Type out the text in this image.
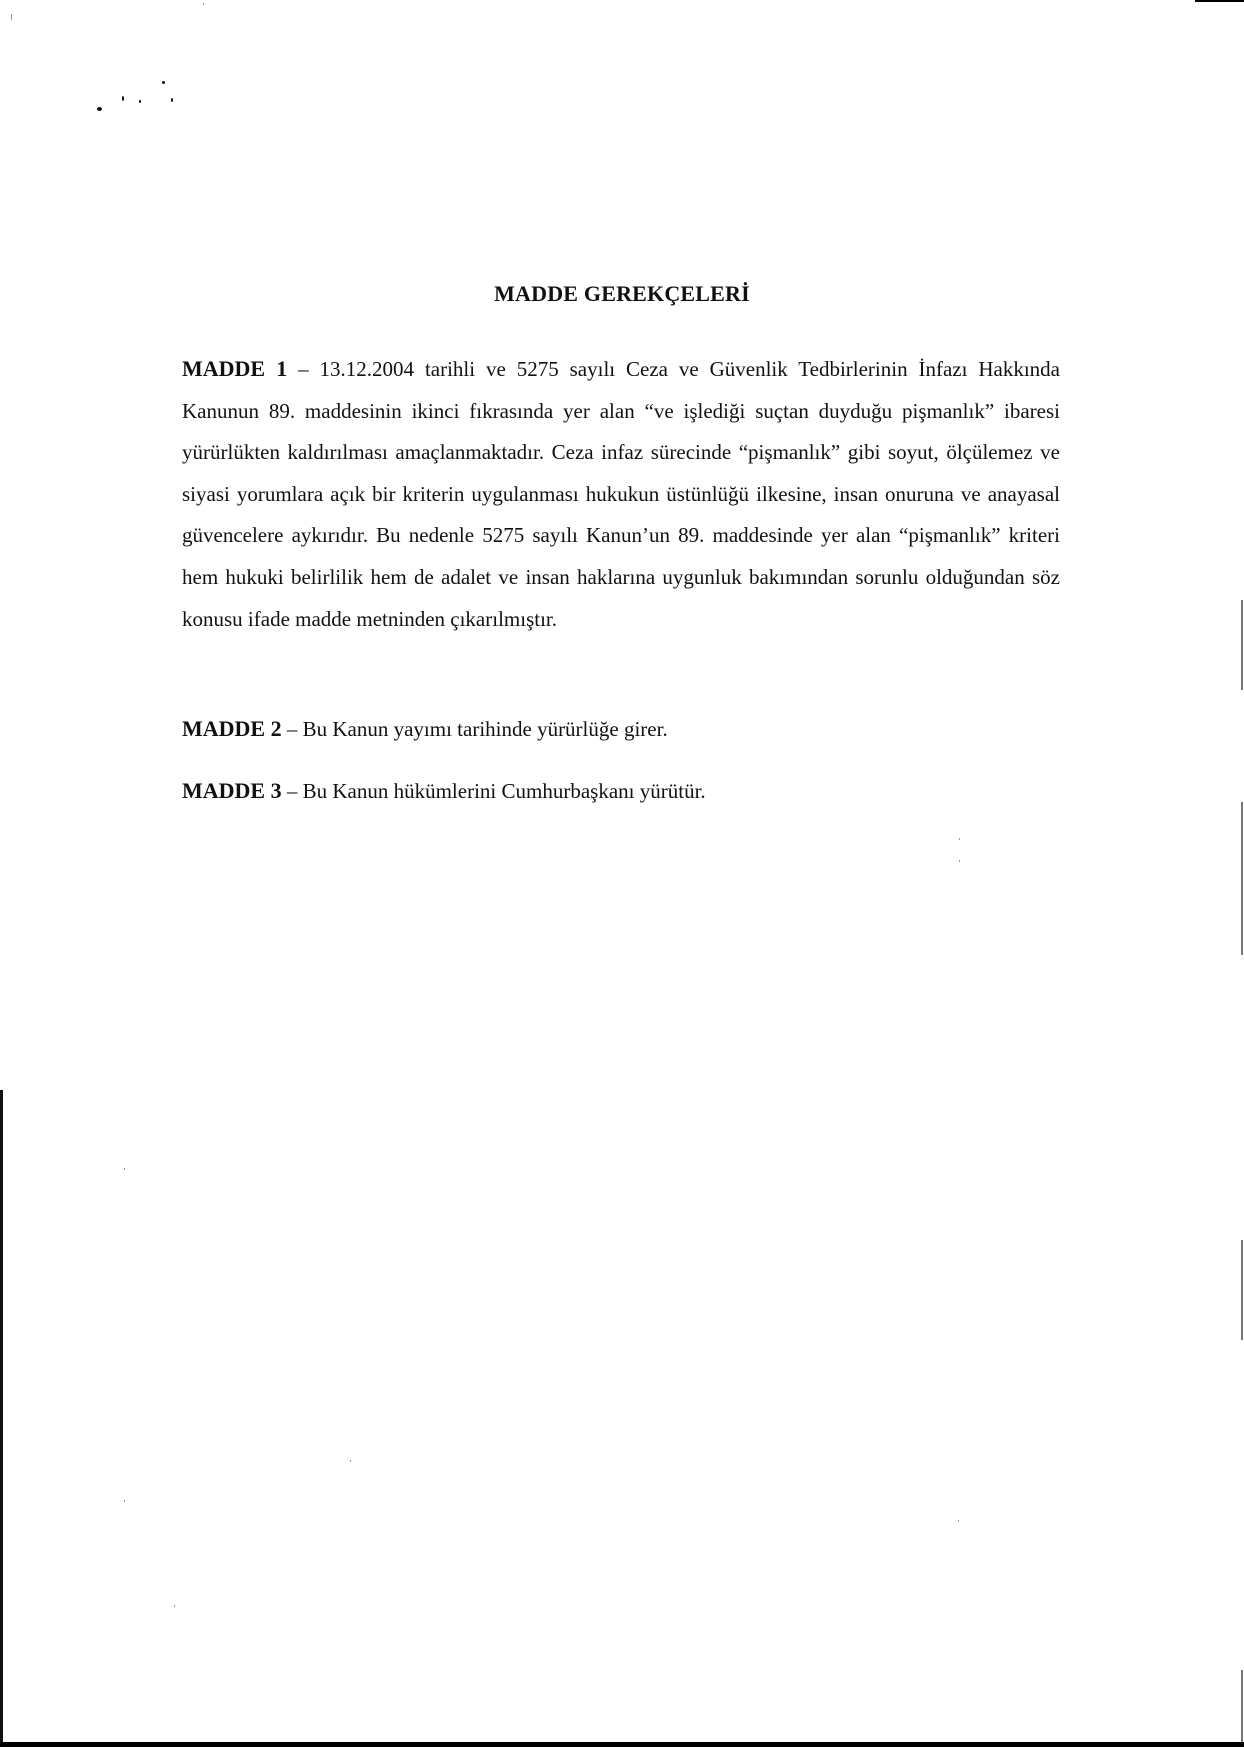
MADDE GEREKÇELERİ

MADDE 1 – 13.12.2004 tarihli ve 5275 sayılı Ceza ve Güvenlik Tedbirlerinin İnfazı Hakkında Kanunun 89. maddesinin ikinci fıkrasında yer alan “ve işlediği suçtan duyduğu pişmanlık” ibaresi yürürlükten kaldırılması amaçlanmaktadır. Ceza infaz sürecinde “pişmanlık” gibi soyut, ölçülemez ve siyasi yorumlara açık bir kriterin uygulanması hukukun üstünlüğü ilkesine, insan onuruna ve anayasal güvencelere aykırıdır. Bu nedenle 5275 sayılı Kanun’un 89. maddesinde yer alan “pişmanlık” kriteri hem hukuki belirlilik hem de adalet ve insan haklarına uygunluk bakımından sorunlu olduğundan söz konusu ifade madde metninden çıkarılmıştır.

MADDE 2 – Bu Kanun yayımı tarihinde yürürlüğe girer.
MADDE 3 – Bu Kanun hükümlerini Cumhurbaşkanı yürütür.
